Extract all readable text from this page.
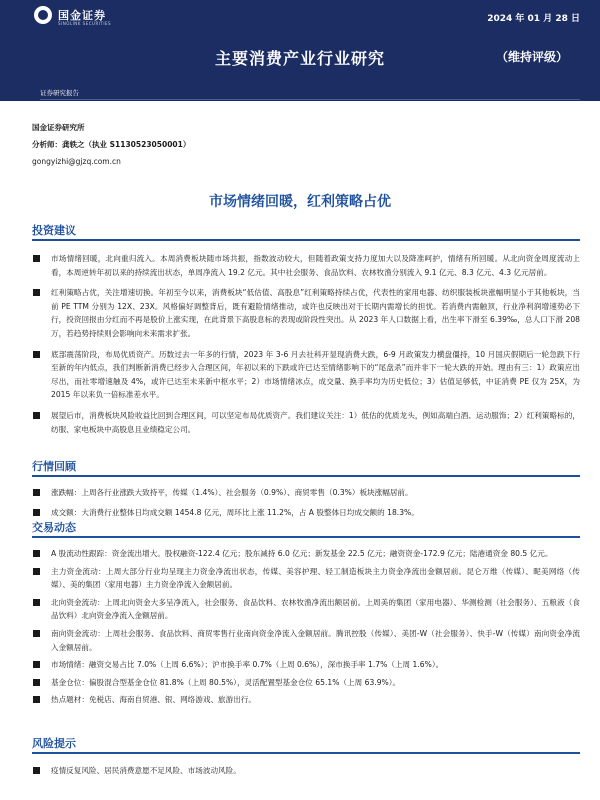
国金证券
SINOLINK SECURITIES	2024 年 01 月 28 日
主要消费产业行业研究	（维持评级）
证券研究报告
国金证券研究所
分析师：龚轶之（执业 S1130523050001）
gongyizhi@gjzq.com.cn
市场情绪回暖，红利策略占优
投资建议
市场情绪回暖，北向重归流入。本周消费板块随市场共振，指数波动较大，但随着政策支持力度加大以及降准呵护，情绪有所回暖。从北向资金周度流动上看，本周逆转年初以来的持续流出状态，单周净流入 19.2 亿元。其中社会服务、食品饮料、农林牧渔分别流入 9.1 亿元、8.3 亿元、4.3 亿元居前。
红利策略占优，关注增速切换。年初至今以来，消费板块“低估值、高股息”红利策略持续占优，代表性的家用电器、纺织服装板块涨幅明显小于其他板块，当前 PE TTM 分别为 12X、23X。风格偏好调整背后，既有避险情绪推动，或许也反映出对于长期内需增长的担忧。若消费内需触顶，行业净利润增速势必下行，投资回报由分红而不再是股价上涨实现，在此背景下高股息标的表现或阶段性突出。从 2023 年人口数据上看，出生率下滑至 6.39‰，总人口下滑 208 万，若趋势持续则会影响向未来需求扩张。
底部震荡阶段，布局优质资产。历数过去一年多的行情，2023 年 3-6 月去社科开显现消费大跌，6-9 月政策发力横盘僵持，10 月国庆假期后一轮急跌下行至新的年内低点，我们判断新消费已经步入合理区间，年初以来的下跌或许已达至情绪影响下的“尾盘杀”而并非下一轮大跌的开始。理由有三：1）政策应出尽出，而社零增速触及 4%，或许已达至未来新中枢水平；2）市场情绪冰点，成交量、换手率均为历史低位；3）估值足够低，中证消费 PE 仅为 25X，为 2015 年以来负一倍标准差水平。
展望后市，消费板块风险收益比回到合理区间，可以坚定布局优质资产。我们建议关注：1）低估的优质龙头，例如高端白酒、运动服饰；2）红利策略标的，纺服、家电板块中高股息且业绩稳定公司。
行情回顾
涨跌幅：上周各行业涨跌大致持平，传媒（1.4%）、社会服务（0.9%）、商贸零售（0.3%）板块涨幅居前。
成交额：大消费行业整体日均成交额 1454.8 亿元，周环比上涨 11.2%，占 A 股整体日均成交额的 18.3%。
交易动态
A 股流动性跟踪：资金流出增大。股权融资-122.4 亿元；股东减持 6.0 亿元；新发基金 22.5 亿元；融资资金-172.9 亿元；陆港通资金 80.5 亿元。
主力资金流动：上周大部分行业均呈现主力资金净流出状态，传媒、美容护理、轻工制造板块主力资金净流出金额居前。昆仑万维（传媒）、昵美网络（传媒）、美的集团（家用电器）主力资金净流入金额居前。
北向资金流动：上周北向资金大多呈净流入，社会服务、食品饮料、农林牧渔净流出额居前。上周美的集团（家用电器）、华测检测（社会服务）、五粮液（食品饮料）北向资金净流入金额居前。
南向资金流动：上周社会服务、食品饮料、商贸零售行业南向资金净流入金额居前。腾讯控股（传媒）、美团-W（社会服务）、快手-W（传媒）南向资金净流入金额居前。
市场情绪：融资交易占比 7.0%（上周 6.6%）；沪市换手率 0.7%（上周 0.6%），深市换手率 1.7%（上周 1.6%）。
基金仓位：偏股混合型基金仓位 81.8%（上周 80.5%），灵活配置型基金仓位 65.1%（上周 63.9%）。
热点题材：免税店、海南自贸港、银、网络游戏、旅游出行。
风险提示
疫情反复风险、居民消费意愿不足风险、市场波动风险。
